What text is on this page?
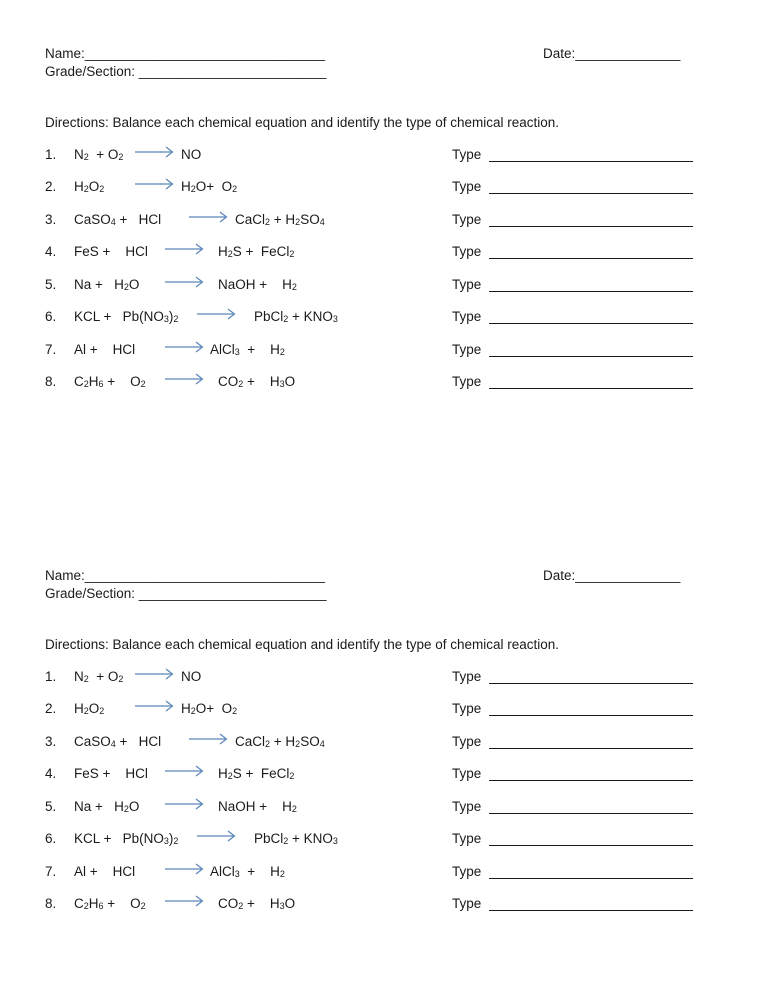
Name:________________________________
Grade/Section: _________________________
Date:______________
Directions: Balance each chemical equation and identify the type of chemical reaction.
1. $N_2 + O_2$ → NO	Type
2. $H_2O_2 \to H_2O+ O_2$	Type
3. CaSO$_4$ +   HCl → CaCl$_2$ + $H_2SO_4$	Type
4. FeS +    HCl → $H_2S$ +  FeCl$_2$	Type
5. $Na + H_2O$ → NaOH +    $H_2$	Type
6. KCL +   $Pb(NO_3)_2$ → PbCl$_2$ + $KNO_3$	Type
7. Al +    HCl → AlCl$_3$  +    $H_2$	Type
8. $C_2H_6$ +    $O_2 \to CO_2$ +    $H_3O$	Type
Name:________________________________
Grade/Section: _________________________
Date:______________
Directions: Balance each chemical equation and identify the type of chemical reaction.
1. $N_2 + O_2$ → NO	Type
2. $H_2O_2 \to H_2O+ O_2$	Type
3. CaSO$_4$ +   HCl → CaCl$_2$ + $H_2SO_4$	Type
4. FeS +    HCl → $H_2S$ +  FeCl$_2$	Type
5. $Na + H_2O$ → NaOH +    $H_2$	Type
6. KCL +   $Pb(NO_3)_2$ → PbCl$_2$ + $KNO_3$	Type
7. Al +    HCl → AlCl$_3$  +    $H_2$	Type
8. $C_2H_6$ +    $O_2 \to CO_2$ +    $H_3O$	Type
